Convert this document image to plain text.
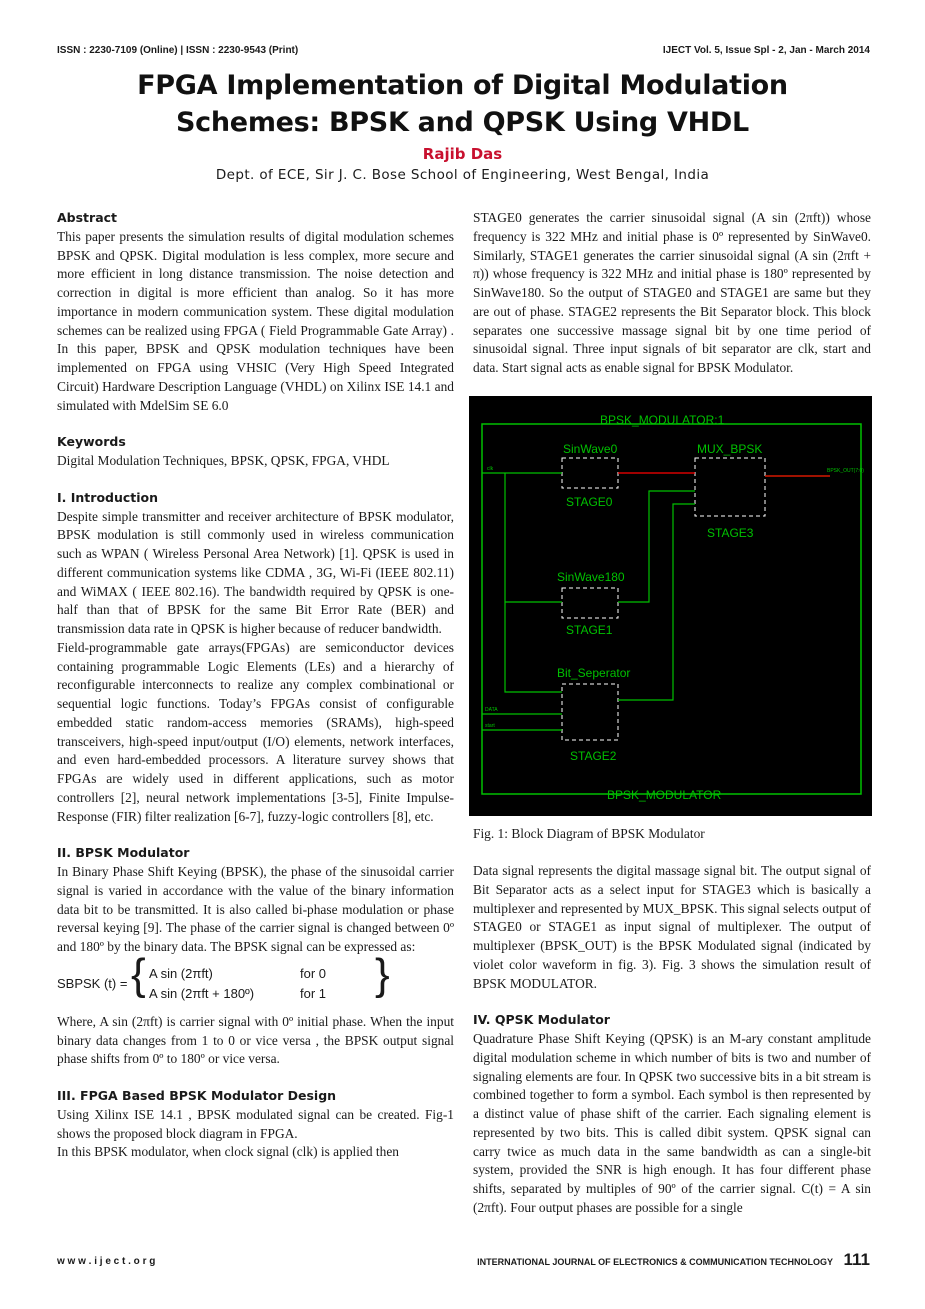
ISSN : 2230-7109 (Online) | ISSN : 2230-9543 (Print)	IJECT Vol. 5, Issue Spl - 2, Jan - March 2014
FPGA Implementation of Digital Modulation
Schemes: BPSK and QPSK Using VHDL
Rajib Das
Dept. of ECE, Sir J. C. Bose School of Engineering, West Bengal, India

Abstract

This paper presents the simulation results of digital modulation schemes BPSK and QPSK. Digital modulation is less complex, more secure and more efficient in long distance transmission. The noise detection and correction in digital is more efficient than analog. So it has more importance in modern communication system. These digital modulation schemes can be realized using FPGA ( Field Programmable Gate Array) . In this paper, BPSK and QPSK modulation techniques have been implemented on FPGA using VHSIC (Very High Speed Integrated Circuit) Hardware Description Language (VHDL) on Xilinx ISE 14.1 and simulated with MdelSim SE 6.0

Keywords

Digital Modulation Techniques, BPSK, QPSK, FPGA, VHDL

I. Introduction

Despite simple transmitter and receiver architecture of BPSK modulator, BPSK modulation is still commonly used in wireless communication such as WPAN ( Wireless Personal Area Network) [1]. QPSK is used in different communication systems like CDMA , 3G, Wi-Fi (IEEE 802.11) and WiMAX ( IEEE 802.16). The bandwidth required by QPSK is one-half than that of BPSK for the same Bit Error Rate (BER) and transmission data rate in QPSK is higher because of reducer bandwidth.

Field-programmable gate arrays(FPGAs) are semiconductor devices containing programmable Logic Elements (LEs) and a hierarchy of reconfigurable interconnects to realize any complex combinational or sequential logic functions. Today’s FPGAs consist of configurable embedded static random-access memories (SRAMs), high-speed transceivers, high-speed input/output (I/O) elements, network interfaces, and even hard-embedded processors. A literature survey shows that FPGAs are widely used in different applications, such as motor controllers [2], neural network implementations [3-5], Finite Impulse-Response (FIR) filter realization [6-7], fuzzy-logic controllers [8], etc.

II. BPSK Modulator

In Binary Phase Shift Keying (BPSK), the phase of the sinusoidal carrier signal is varied in accordance with the value of the binary information data bit to be transmitted. It is also called bi-phase modulation or phase reversal keying [9]. The phase of the carrier signal is changed between 0º and 180º by the binary data. The BPSK signal can be expressed as:

SBPSK (t) = { A sin (2πft)	for 0
A sin (2πft + 180º)	for 1 }

Where, A sin (2πft) is carrier signal with 0º initial phase. When the input binary data changes from 1 to 0 or vice versa , the BPSK output signal phase shifts from 0º to 180º or vice versa.

III. FPGA Based BPSK Modulator Design

Using Xilinx ISE 14.1 , BPSK modulated signal can be created. Fig-1 shows the proposed block diagram in FPGA.

In this BPSK modulator, when clock signal (clk) is applied then

STAGE0 generates the carrier sinusoidal signal (A sin (2πft)) whose frequency is 322 MHz and initial phase is 0º represented by SinWave0. Similarly, STAGE1 generates the carrier sinusoidal signal (A sin (2πft + π)) whose frequency is 322 MHz and initial phase is 180º represented by SinWave180. So the output of STAGE0 and STAGE1 are same but they are out of phase. STAGE2 represents the Bit Separator block. This block separates one successive massage signal bit by one time period of sinusoidal signal. Three input signals of bit separator are clk, start and data. Start signal acts as enable signal for BPSK Modulator.

BPSK_MODULATOR:1
BPSK_MODULATOR
SinWave0
STAGE0
MUX_BPSK
STAGE3
SinWave180
STAGE1
Bit_Seperator
STAGE2
clk
DATA
start
BPSK_OUT(7:0)
Fig. 1: Block Diagram of BPSK Modulator

Data signal represents the digital massage signal bit. The output signal of Bit Separator acts as a select input for STAGE3 which is basically a multiplexer and represented by MUX_BPSK. This signal selects output of STAGE0 or STAGE1 as input signal of multiplexer. The output of multiplexer (BPSK_OUT) is the BPSK Modulated signal (indicated by violet color waveform in fig. 3). Fig. 3 shows the simulation result of BPSK MODULATOR.

IV. QPSK Modulator

Quadrature Phase Shift Keying (QPSK) is an M-ary constant amplitude digital modulation scheme in which number of bits is two and number of signaling elements are four. In QPSK two successive bits in a bit stream is combined together to form a symbol. Each symbol is then represented by a distinct value of phase shift of the carrier. Each signaling element is represented by two bits. This is called dibit system. QPSK signal can carry twice as much data in the same bandwidth as can a single-bit system, provided the SNR is high enough. It has four different phase shifts, separated by multiples of 90º of the carrier signal. C(t) = A sin (2πft). Four output phases are possible for a single

w w w . i j e c t . o r g	INTERNATIONAL JOURNAL OF ELECTRONICS & COMMUNICATION TECHNOLOGY 111
